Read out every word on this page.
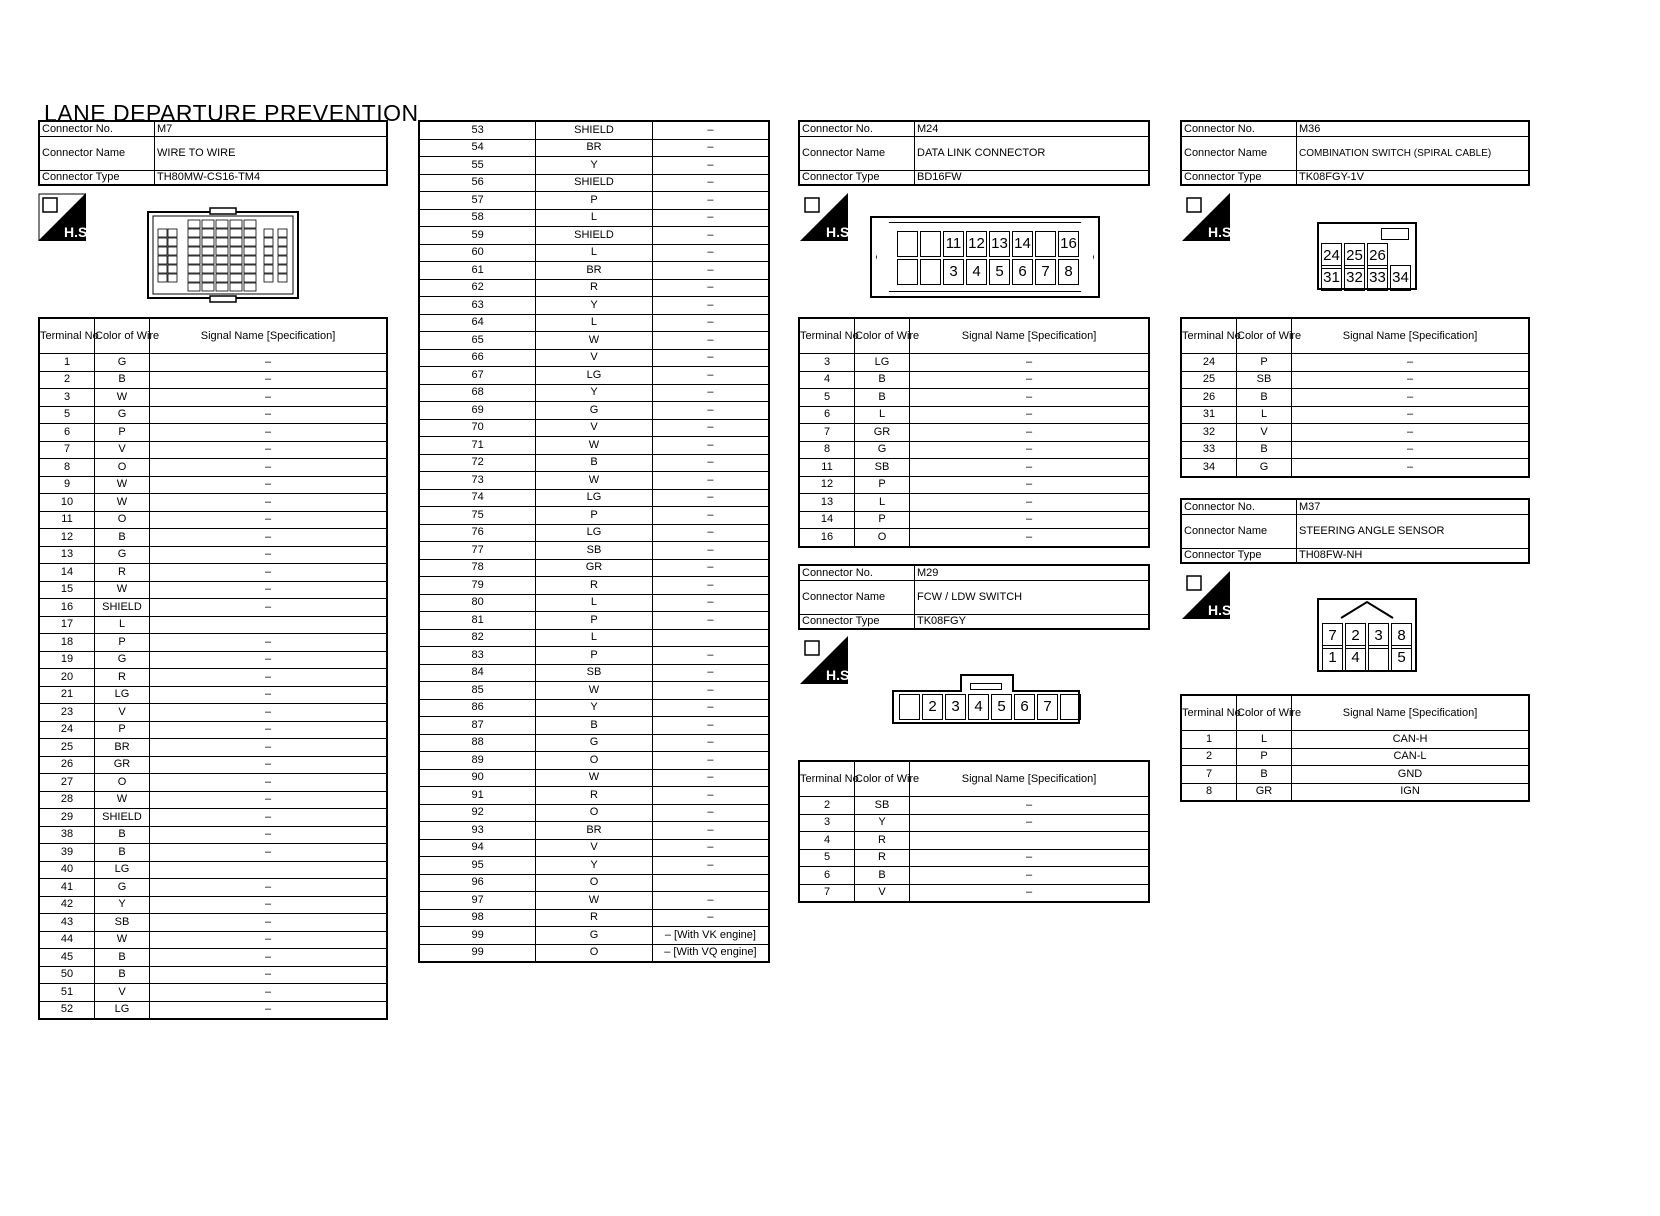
LANE DEPARTURE PREVENTION
Connector No.	M7
Connector Name	WIRE TO WIRE
Connector Type	TH80MW-CS16-TM4
H.S.
Terminal No.	Color of Wire	Signal Name [Specification]
1	G	–
2	B	–
3	W	–
5	G	–
6	P	–
7	V	–
8	O	–
9	W	–
10	W	–
11	O	–
12	B	–
13	G	–
14	R	–
15	W	–
16	SHIELD	–
17	L	
18	P	–
19	G	–
20	R	–
21	LG	–
23	V	–
24	P	–
25	BR	–
26	GR	–
27	O	–
28	W	–
29	SHIELD	–
38	B	–
39	B	–
40	LG	
41	G	–
42	Y	–
43	SB	–
44	W	–
45	B	–
50	B	–
51	V	–
52	LG	–
53	SHIELD	–
54	BR	–
55	Y	–
56	SHIELD	–
57	P	–
58	L	–
59	SHIELD	–
60	L	–
61	BR	–
62	R	–
63	Y	–
64	L	–
65	W	–
66	V	–
67	LG	–
68	Y	–
69	G	–
70	V	–
71	W	–
72	B	–
73	W	–
74	LG	–
75	P	–
76	LG	–
77	SB	–
78	GR	–
79	R	–
80	L	–
81	P	–
82	L	
83	P	–
84	SB	–
85	W	–
86	Y	–
87	B	–
88	G	–
89	O	–
90	W	–
91	R	–
92	O	–
93	BR	–
94	V	–
95	Y	–
96	O	
97	W	–
98	R	–
99	G	– [With VK engine]
99	O	– [With VQ engine]
Connector No.	M24
Connector Name	DATA LINK CONNECTOR
Connector Type	BD16FW
H.S.
11 12 13 14 16
3 4 5 6 7 8
Terminal No.	Color of Wire	Signal Name [Specification]
3	LG	–
4	B	–
5	B	–
6	L	–
7	GR	–
8	G	–
11	SB	–
12	P	–
13	L	–
14	P	–
16	O	–
Connector No.	M29
Connector Name	FCW / LDW SWITCH
Connector Type	TK08FGY
H.S.
2 3 4 5 6 7
Terminal No.	Color of Wire	Signal Name [Specification]
2	SB	–
3	Y	–
4	R	
5	R	–
6	B	–
7	V	–
Connector No.	M36
Connector Name	COMBINATION SWITCH (SPIRAL CABLE)
Connector Type	TK08FGY-1V
H.S.
24 25 26
31 32 33 34
Terminal No.	Color of Wire	Signal Name [Specification]
24	P	–
25	SB	–
26	B	–
31	L	–
32	V	–
33	B	–
34	G	–
Connector No.	M37
Connector Name	STEERING ANGLE SENSOR
Connector Type	TH08FW-NH
H.S.
7 2 3 8
1 4	5
Terminal No.	Color of Wire	Signal Name [Specification]
1	L	CAN-H
2	P	CAN-L
7	B	GND
8	GR	IGN
